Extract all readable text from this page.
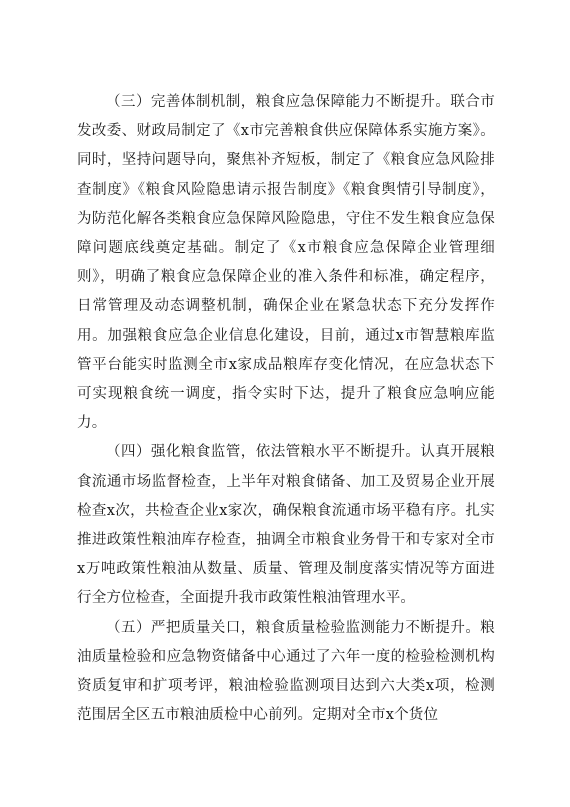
（三）完善体制机制，粮食应急保障能力不断提升。联合市发改委、财政局制定了《x市完善粮食供应保障体系实施方案》。同时，坚持问题导向，聚焦补齐短板，制定了《粮食应急风险排查制度》《粮食风险隐患请示报告制度》《粮食舆情引导制度》，为防范化解各类粮食应急保障风险隐患，守住不发生粮食应急保障问题底线奠定基础。制定了《x市粮食应急保障企业管理细则》，明确了粮食应急保障企业的准入条件和标准，确定程序，日常管理及动态调整机制，确保企业在紧急状态下充分发挥作用。加强粮食应急企业信息化建设，目前，通过x市智慧粮库监管平台能实时监测全市x家成品粮库存变化情况，在应急状态下可实现粮食统一调度，指令实时下达，提升了粮食应急响应能力。

（四）强化粮食监管，依法管粮水平不断提升。认真开展粮食流通市场监督检查，上半年对粮食储备、加工及贸易企业开展检查x次，共检查企业x家次，确保粮食流通市场平稳有序。扎实推进政策性粮油库存检查，抽调全市粮食业务骨干和专家对全市x万吨政策性粮油从数量、质量、管理及制度落实情况等方面进行全方位检查，全面提升我市政策性粮油管理水平。

（五）严把质量关口，粮食质量检验监测能力不断提升。粮油质量检验和应急物资储备中心通过了六年一度的检验检测机构资质复审和扩项考评，粮油检验监测项目达到六大类x项，检测范围居全区五市粮油质检中心前列。定期对全市x个货位
